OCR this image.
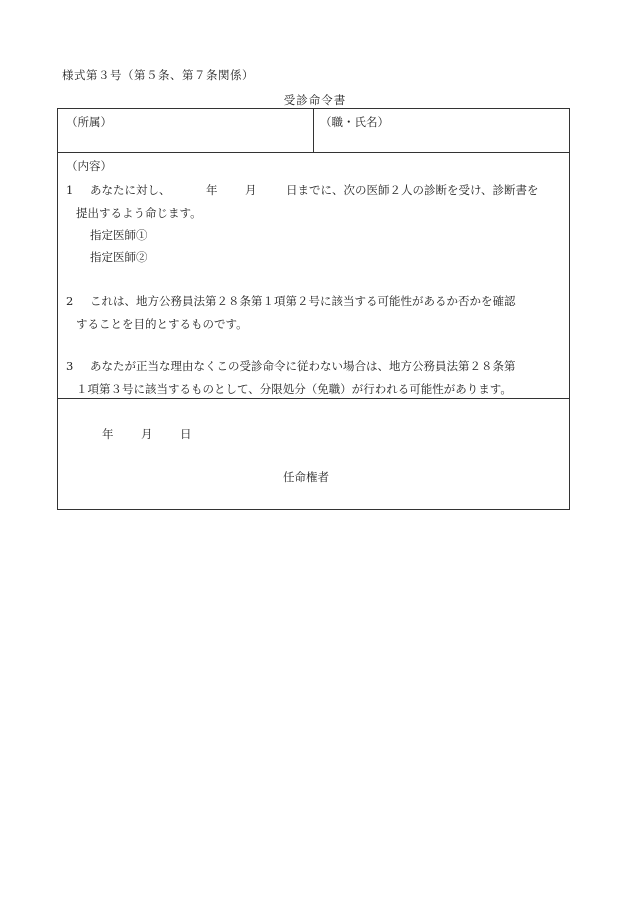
様式第３号（第５条、第７条関係）
受診命令書
（所属）	（職・氏名）
（内容）
1 あなたに対し、	年 月	日までに、次の医師２人の診断を受け、診断書を
提出するよう命じます。
指定医師①
指定医師②
2 これは、地方公務員法第２８条第１項第２号に該当する可能性があるか否かを確認
することを目的とするものです。
3 あなたが正当な理由なくこの受診命令に従わない場合は、地方公務員法第２８条第
１項第３号に該当するものとして、分限処分（免職）が行われる可能性があります。
年 月 日
任命権者
